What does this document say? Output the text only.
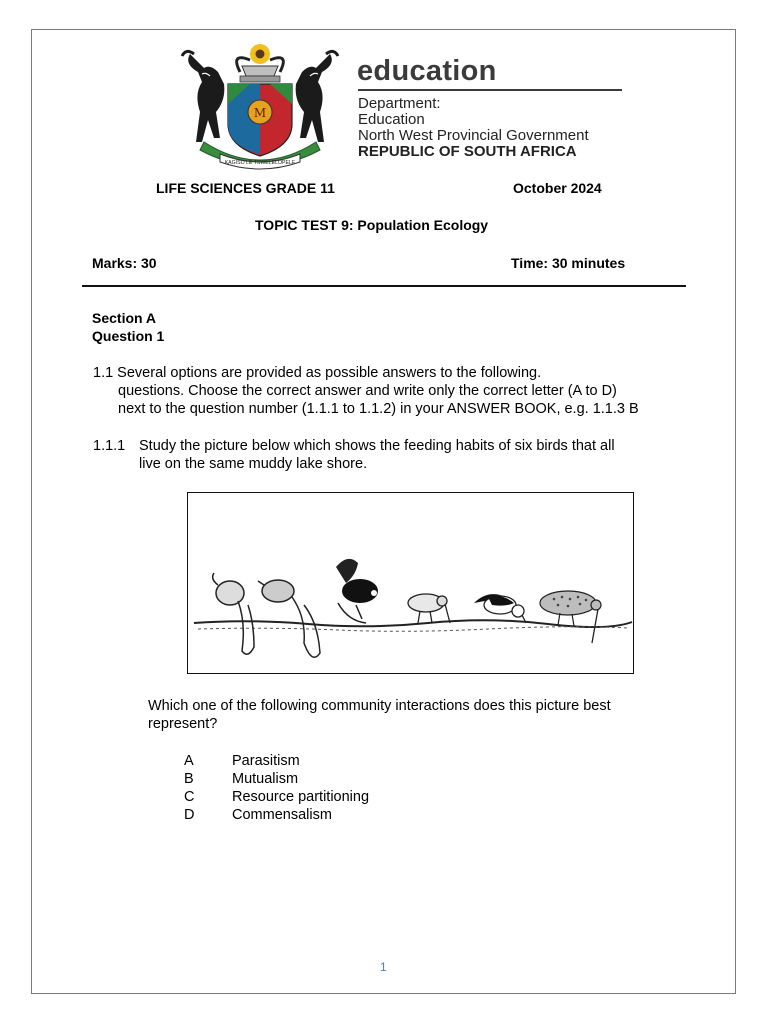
M
KAGISO LE TSWELELOPELE
education
Department:
Education
North West Provincial Government
REPUBLIC OF SOUTH AFRICA
LIFE SCIENCES GRADE 11	October 2024
TOPIC TEST 9: Population Ecology
Marks: 30	Time: 30 minutes
Section A
Question 1
1.1 Several options are provided as possible answers to the following.
questions. Choose the correct answer and write only the correct letter (A to D)
next to the question number (1.1.1 to 1.1.2) in your ANSWER BOOK, e.g. 1.1.3 B
1.1.1 Study the picture below which shows the feeding habits of six birds that all
live on the same muddy lake shore.
Which one of the following community interactions does this picture best
represent?
A	Parasitism
B	Mutualism
C	Resource partitioning
D	Commensalism
1
